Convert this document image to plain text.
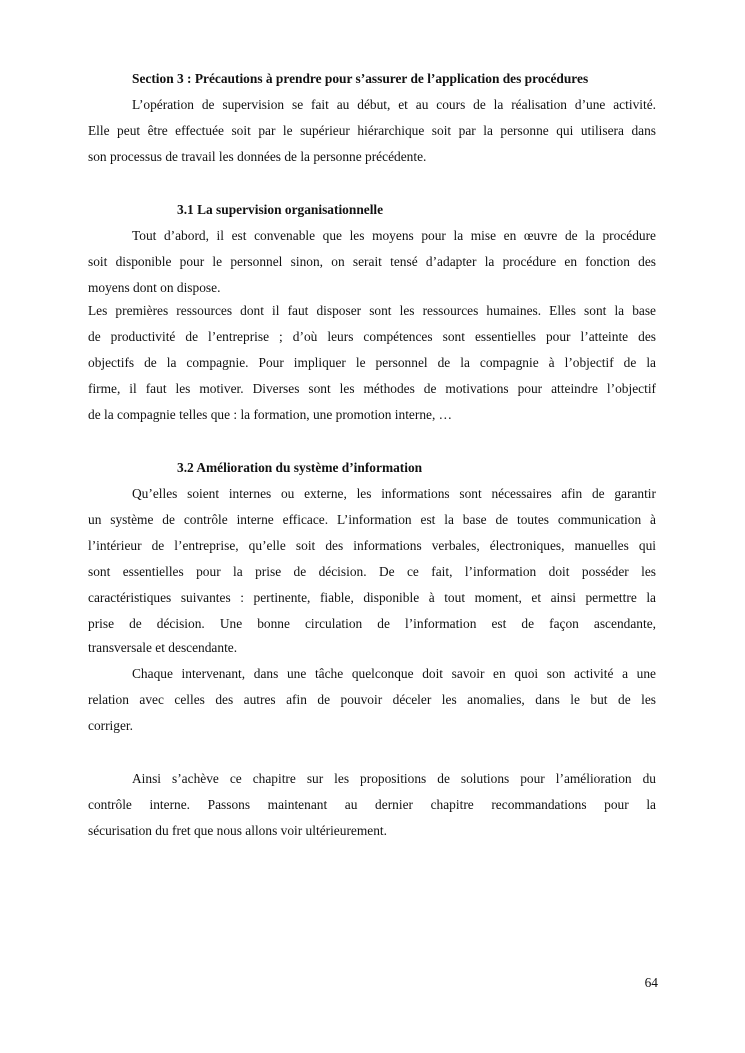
Section 3 : Précautions à prendre pour s’assurer de l’application des procédures
L’opération de supervision se fait au début, et au cours de la réalisation d’une activité.
Elle peut être effectuée soit par le supérieur hiérarchique soit par la personne qui utilisera dans
son processus de travail les données de la personne précédente.
3.1 La supervision organisationnelle
Tout d’abord, il est convenable que les moyens pour la mise en œuvre de la procédure
soit disponible pour le personnel sinon, on serait tensé d’adapter la procédure en fonction des
moyens dont on dispose.
Les premières ressources dont il faut disposer sont les ressources humaines. Elles sont la base
de productivité de l’entreprise ; d’où leurs compétences sont essentielles pour l’atteinte des
objectifs de la compagnie. Pour impliquer le personnel de la compagnie à l’objectif de la
firme, il faut les motiver. Diverses sont les méthodes de motivations pour atteindre l’objectif
de la compagnie telles que : la formation, une promotion interne, …
3.2 Amélioration du système d’information
Qu’elles soient internes ou externe, les informations sont nécessaires afin de garantir
un système de contrôle interne efficace. L’information est la base de toutes communication à
l’intérieur de l’entreprise, qu’elle soit des informations verbales, électroniques, manuelles qui
sont essentielles pour la prise de décision. De ce fait, l’information doit posséder les
caractéristiques suivantes : pertinente, fiable, disponible à tout moment, et ainsi permettre la
prise de décision. Une bonne circulation de l’information est de façon ascendante,
transversale et descendante.
Chaque intervenant, dans une tâche quelconque doit savoir en quoi son activité a une
relation avec celles des autres afin de pouvoir déceler les anomalies, dans le but de les
corriger.
Ainsi s’achève ce chapitre sur les propositions de solutions pour l’amélioration du
contrôle interne. Passons maintenant au dernier chapitre recommandations pour la
sécurisation du fret que nous allons voir ultérieurement.
64
